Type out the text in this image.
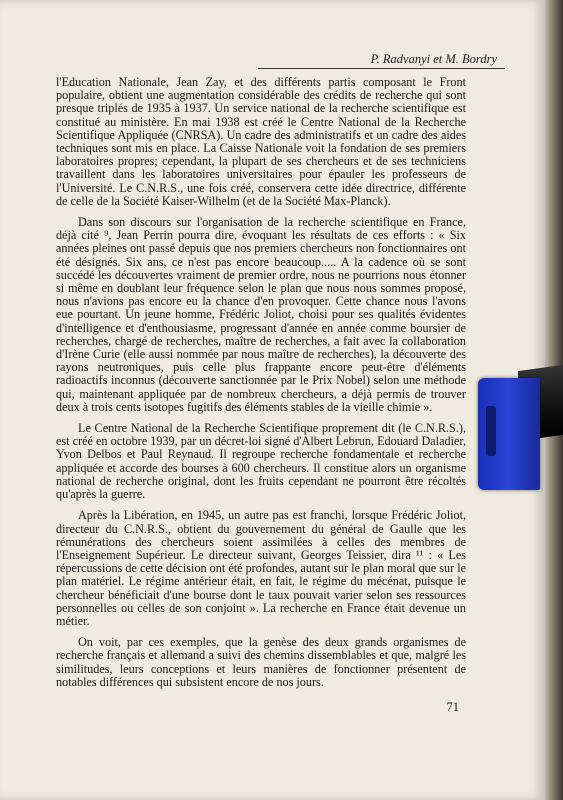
P. Radvanyi et M. Bordry

l'Education Nationale, Jean Zay, et des différents partis composant le Front populaire, obtient une augmentation considérable des crédits de recherche qui sont presque triplés de 1935 à 1937. Un service national de la recherche scientifique est constitué au ministère. En mai 1938 est créé le Centre National de la Recherche Scientifique Appliquée (CNRSA). Un cadre des administratifs et un cadre des aides techniques sont mis en place. La Caisse Nationale voit la fondation de ses premiers laboratoires propres; cependant, la plupart de ses chercheurs et de ses techniciens travaillent dans les laboratoires universitaires pour épauler les professeurs de l'Université. Le C.N.R.S., une fois créé, conservera cette idée directrice, différente de celle de la Société Kaiser-Wilhelm (et de la Société Max-Planck).

Dans son discours sur l'organisation de la recherche scientifique en France, déjà cité ⁹, Jean Perrin pourra dire, évoquant les résultats de ces efforts : « Six années pleines ont passé depuis que nos premiers chercheurs non fonctionnaires ont été désignés. Six ans, ce n'est pas encore beaucoup..... A la cadence où se sont succédé les découvertes vraiment de premier ordre, nous ne pourrions nous étonner si même en doublant leur fréquence selon le plan que nous nous sommes proposé, nous n'avions pas encore eu la chance d'en provoquer. Cette chance nous l'avons eue pourtant. Un jeune homme, Frédéric Joliot, choisi pour ses qualités évidentes d'intelligence et d'enthousiasme, progressant d'année en année comme boursier de recherches, chargé de recherches, maître de recherches, a fait avec la collaboration d'Irène Curie (elle aussi nommée par nous maître de recherches), la découverte des rayons neutroniques, puis celle plus frappante encore peut-être d'éléments radioactifs inconnus (découverte sanctionnée par le Prix Nobel) selon une méthode qui, maintenant appliquée par de nombreux chercheurs, a déjà permis de trouver deux à trois cents isotopes fugitifs des éléments stables de la vieille chimie ».

Le Centre National de la Recherche Scientifique proprement dit (le C.N.R.S.), est créé en octobre 1939, par un décret-loi signé d'Albert Lebrun, Edouard Daladier, Yvon Delbos et Paul Reynaud. Il regroupe recherche fondamentale et recherche appliquée et accorde des bourses à 600 chercheurs. Il constitue alors un organisme national de recherche original, dont les fruits cependant ne pourront être récoltés qu'après la guerre.

Après la Libération, en 1945, un autre pas est franchi, lorsque Frédéric Joliot, directeur du C.N.R.S., obtient du gouvernement du général de Gaulle que les rémunérations des chercheurs soient assimilées à celles des membres de l'Enseignement Supérieur. Le directeur suivant, Georges Teissier, dira ¹¹ : « Les répercussions de cette décision ont été profondes, autant sur le plan moral que sur le plan matériel. Le régime antérieur était, en fait, le régime du mécénat, puisque le chercheur bénéficiait d'une bourse dont le taux pouvait varier selon ses ressources personnelles ou celles de son conjoint ». La recherche en France était devenue un métier.

On voit, par ces exemples, que la genèse des deux grands organismes de recherche français et allemand a suivi des chemins dissemblables et que, malgré les similitudes, leurs conceptions et leurs manières de fonctionner présentent de notables différences qui subsistent encore de nos jours.

71
